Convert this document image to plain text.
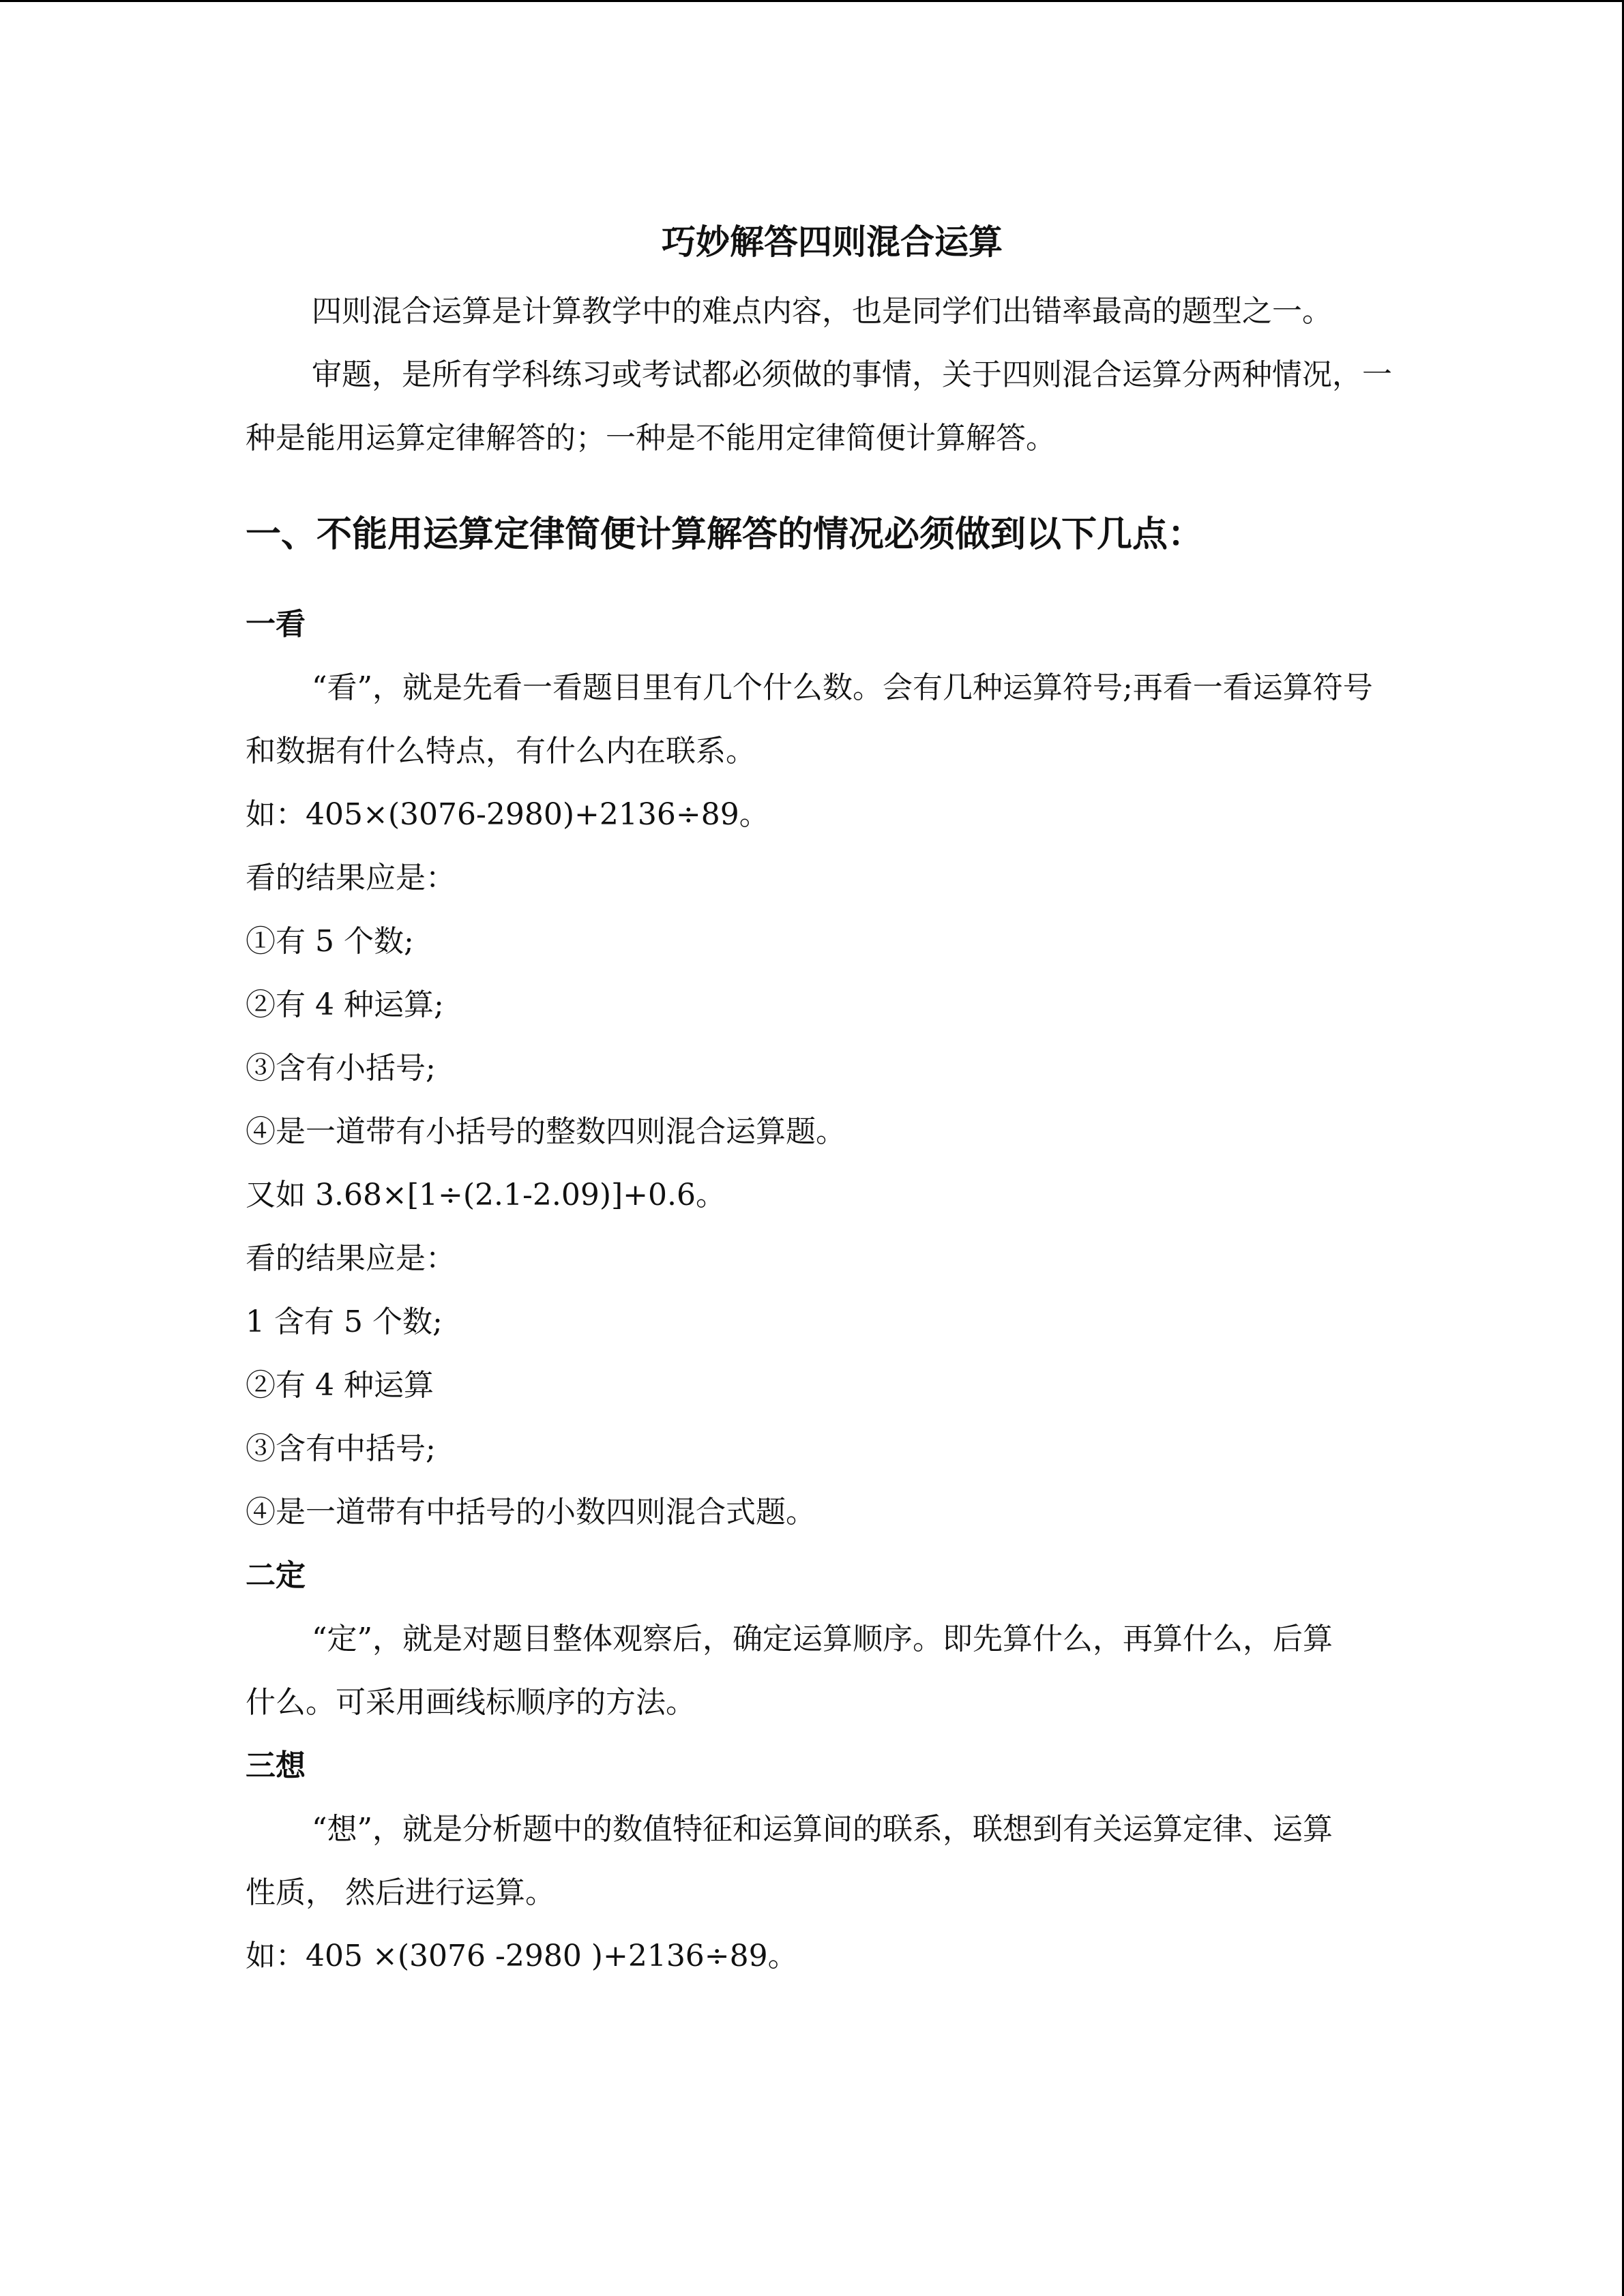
巧妙解答四则混合运算

四则混合运算是计算教学中的难点内容，也是同学们出错率最高的题型之一。

审题，是所有学科练习或考试都必须做的事情，关于四则混合运算分两种情况，一种是能用运算定律解答的；一种是不能用定律简便计算解答。

一、不能用运算定律简便计算解答的情况必须做到以下几点：

一看

“看”，就是先看一看题目里有几个什么数。会有几种运算符号;再看一看运算符号和数据有什么特点，有什么内在联系。

如：405×(3076-2980)+2136÷89。

看的结果应是：

①有 5 个数;

②有 4 种运算;

③含有小括号;

④是一道带有小括号的整数四则混合运算题。

又如 3.68×[1÷(2.1-2.09)]+0.6。

看的结果应是：

1 含有 5 个数;

②有 4 种运算

③含有中括号;

④是一道带有中括号的小数四则混合式题。

二定

“定”，就是对题目整体观察后，确定运算顺序。即先算什么，再算什么，后算什么。可采用画线标顺序的方法。

三想

“想”，就是分析题中的数值特征和运算间的联系，联想到有关运算定律、运算性质， 然后进行运算。

如：405 ×(3076 -2980 )+2136÷89。
